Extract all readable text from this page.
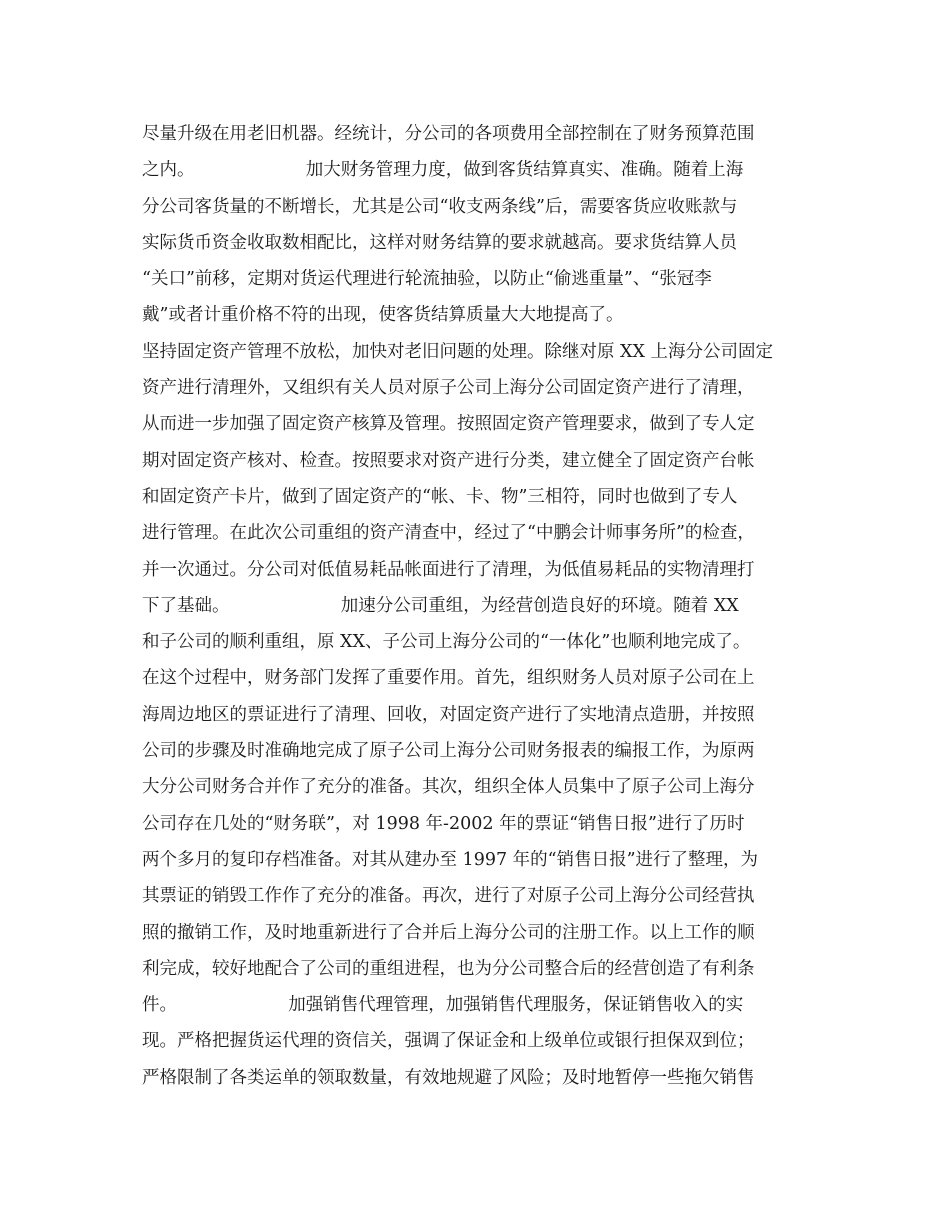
尽量升级在用老旧机器。经统计，分公司的各项费用全部控制在了财务预算范围
之内。                    加大财务管理力度，做到客货结算真实、准确。随着上海
分公司客货量的不断增长，尤其是公司“收支两条线”后，需要客货应收账款与
实际货币资金收取数相配比，这样对财务结算的要求就越高。要求货结算人员
“关口”前移，定期对货运代理进行轮流抽验，以防止“偷逃重量”、“张冠李
戴”或者计重价格不符的出现，使客货结算质量大大地提高了。
坚持固定资产管理不放松，加快对老旧问题的处理。除继对原 XX 上海分公司固定
资产进行清理外，又组织有关人员对原子公司上海分公司固定资产进行了清理，
从而进一步加强了固定资产核算及管理。按照固定资产管理要求，做到了专人定
期对固定资产核对、检查。按照要求对资产进行分类，建立健全了固定资产台帐
和固定资产卡片，做到了固定资产的“帐、卡、物”三相符，同时也做到了专人
进行管理。在此次公司重组的资产清查中，经过了“中鹏会计师事务所”的检查，
并一次通过。分公司对低值易耗品帐面进行了清理，为低值易耗品的实物清理打
下了基础。                    加速分公司重组，为经营创造良好的环境。随着 XX
和子公司的顺利重组，原 XX、子公司上海分公司的“一体化”也顺利地完成了。
在这个过程中，财务部门发挥了重要作用。首先，组织财务人员对原子公司在上
海周边地区的票证进行了清理、回收，对固定资产进行了实地清点造册，并按照
公司的步骤及时准确地完成了原子公司上海分公司财务报表的编报工作，为原两
大分公司财务合并作了充分的准备。其次，组织全体人员集中了原子公司上海分
公司存在几处的“财务联”，对 1998 年-2002 年的票证“销售日报”进行了历时
两个多月的复印存档准备。对其从建办至 1997 年的“销售日报”进行了整理，为
其票证的销毁工作作了充分的准备。再次，进行了对原子公司上海分公司经营执
照的撤销工作，及时地重新进行了合并后上海分公司的注册工作。以上工作的顺
利完成，较好地配合了公司的重组进程，也为分公司整合后的经营创造了有利条
件。                    加强销售代理管理，加强销售代理服务，保证销售收入的实
现。严格把握货运代理的资信关，强调了保证金和上级单位或银行担保双到位；
严格限制了各类运单的领取数量，有效地规避了风险；及时地暂停一些拖欠销售
